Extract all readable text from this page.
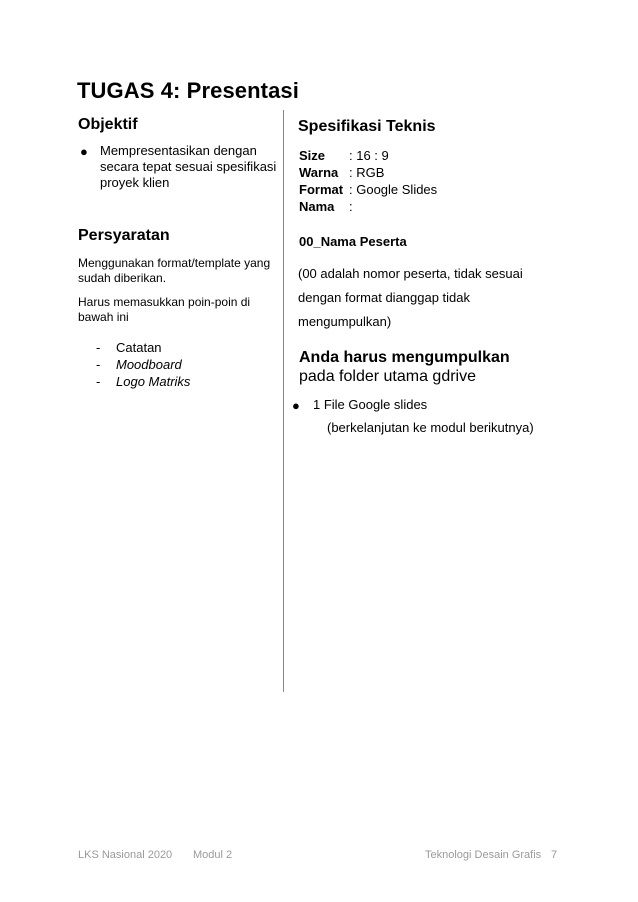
TUGAS 4: Presentasi
Objektif
● Mempresentasikan dengan
secara tepat sesuai spesifikasi
proyek klien
Persyaratan
Menggunakan format/template yang
sudah diberikan.
Harus memasukkan poin-poin di
bawah ini
-	Catatan
-	Moodboard
-	Logo Matriks
Spesifikasi Teknis
Size	: 16 : 9
Warna : RGB
Format : Google Slides
Nama	:
00_Nama Peserta
(00 adalah nomor peserta, tidak sesuai
dengan format dianggap tidak
mengumpulkan)
Anda harus mengumpulkan
pada folder utama gdrive
● 1 File Google slides
(berkelanjutan ke modul berikutnya)
LKS Nasional 2020 Modul 2	Teknologi Desain Grafis 7
